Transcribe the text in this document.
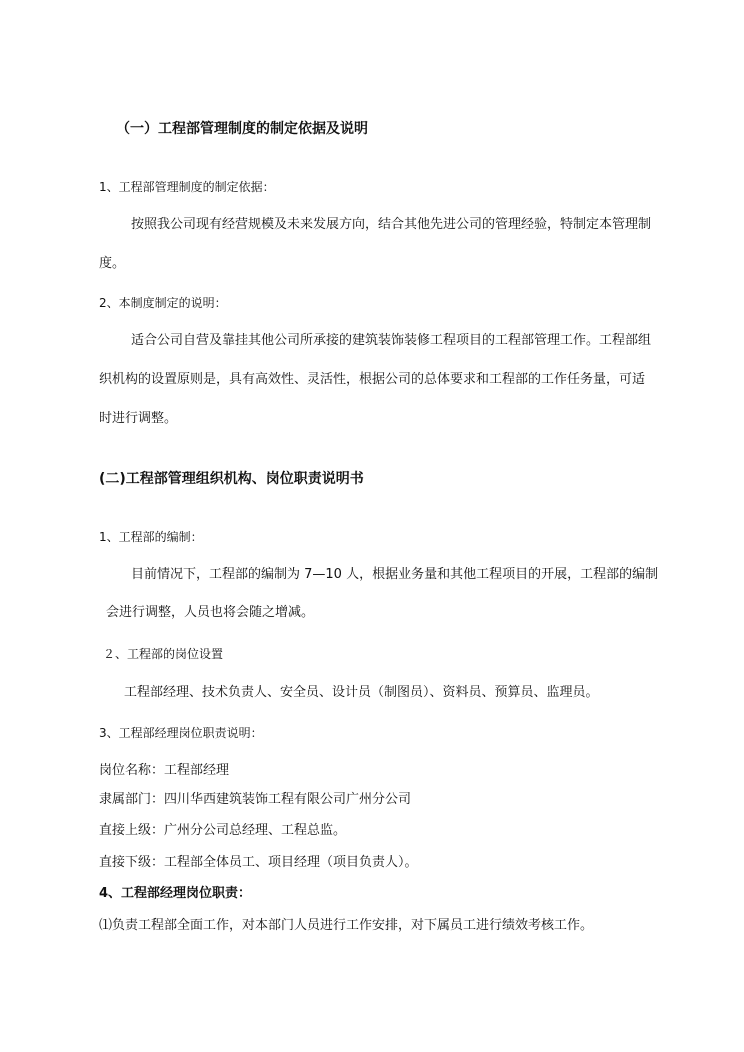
（一）工程部管理制度的制定依据及说明

1、工程部管理制度的制定依据：

按照我公司现有经营规模及未来发展方向，结合其他先进公司的管理经验，特制定本管理制

度。

2、本制度制定的说明：

适合公司自营及靠挂其他公司所承接的建筑装饰装修工程项目的工程部管理工作。工程部组

织机构的设置原则是，具有高效性、灵活性，根据公司的总体要求和工程部的工作任务量，可适

时进行调整。

(二)工程部管理组织机构、岗位职责说明书

1、工程部的编制：

目前情况下，工程部的编制为 7—10 人，根据业务量和其他工程项目的开展，工程部的编制

会进行调整，人员也将会随之增减。

２、工程部的岗位设置

工程部经理、技术负责人、安全员、设计员（制图员）、资料员、预算员、监理员。

3、工程部经理岗位职责说明：

岗位名称：工程部经理

隶属部门：四川华西建筑装饰工程有限公司广州分公司

直接上级：广州分公司总经理、工程总监。

直接下级：工程部全体员工、项目经理（项目负责人）。

4、工程部经理岗位职责：

⑴负责工程部全面工作，对本部门人员进行工作安排，对下属员工进行绩效考核工作。
